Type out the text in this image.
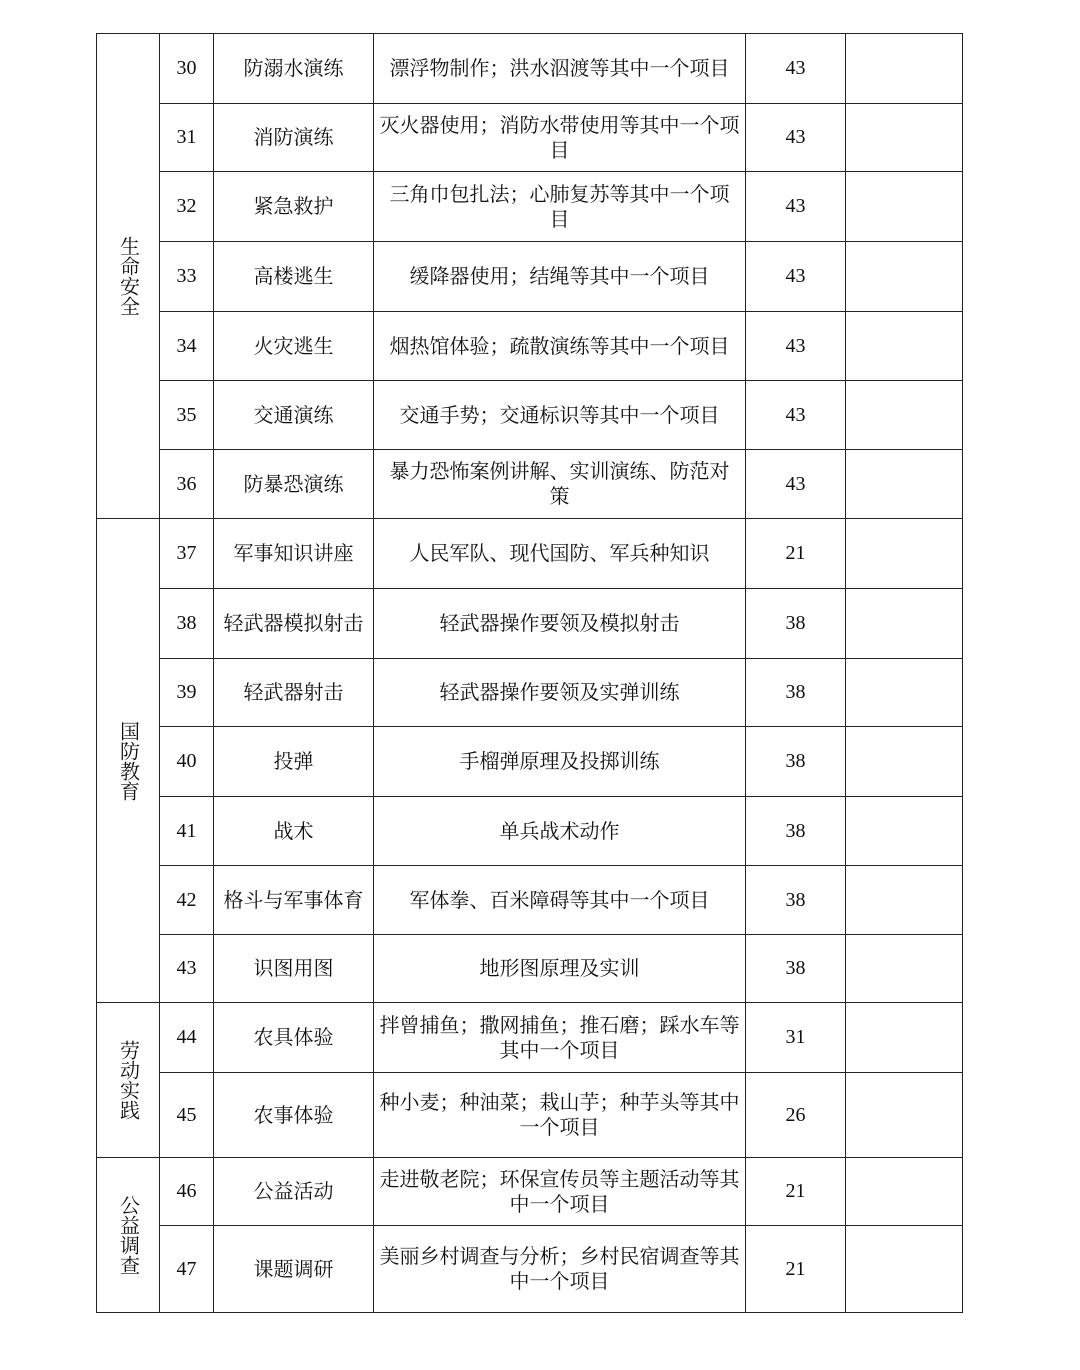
生命安全	30	防溺水演练	漂浮物制作；洪水泅渡等其中一个项目	43	
	31	消防演练	灭火器使用；消防水带使用等其中一个项目	43	
	32	紧急救护	三角巾包扎法；心肺复苏等其中一个项 目	43	
	33	高楼逃生	缓降器使用；结绳等其中一个项目	43	
	34	火灾逃生	烟热馆体验；疏散演练等其中一个项目	43	
	35	交通演练	交通手势；交通标识等其中一个项目	43	
	36	防暴恐演练	暴力恐怖案例讲解、实训演练、防范对 策	43	
国防教育	37	军事知识讲座	人民军队、现代国防、军兵种知识	21	
	38	轻武器模拟射击	轻武器操作要领及模拟射击	38	
	39	轻武器射击	轻武器操作要领及实弹训练	38	
	40	投弹	手榴弹原理及投掷训练	38	
	41	战术	单兵战术动作	38	
	42	格斗与军事体育	军体拳、百米障碍等其中一个项目	38	
	43	识图用图	地形图原理及实训	38	
劳动实践	44	农具体验	拌曾捕鱼；撒网捕鱼；推石磨；踩水车等其中一个项目	31	
	45	农事体验	种小麦；种油菜；栽山芋；种芋头等其中一个项目	26	
公益调查	46	公益活动	走进敬老院；环保宣传员等主题活动等其中一个项目	21	
	47	课题调研	美丽乡村调查与分析；乡村民宿调查等其中一个项目	21	
